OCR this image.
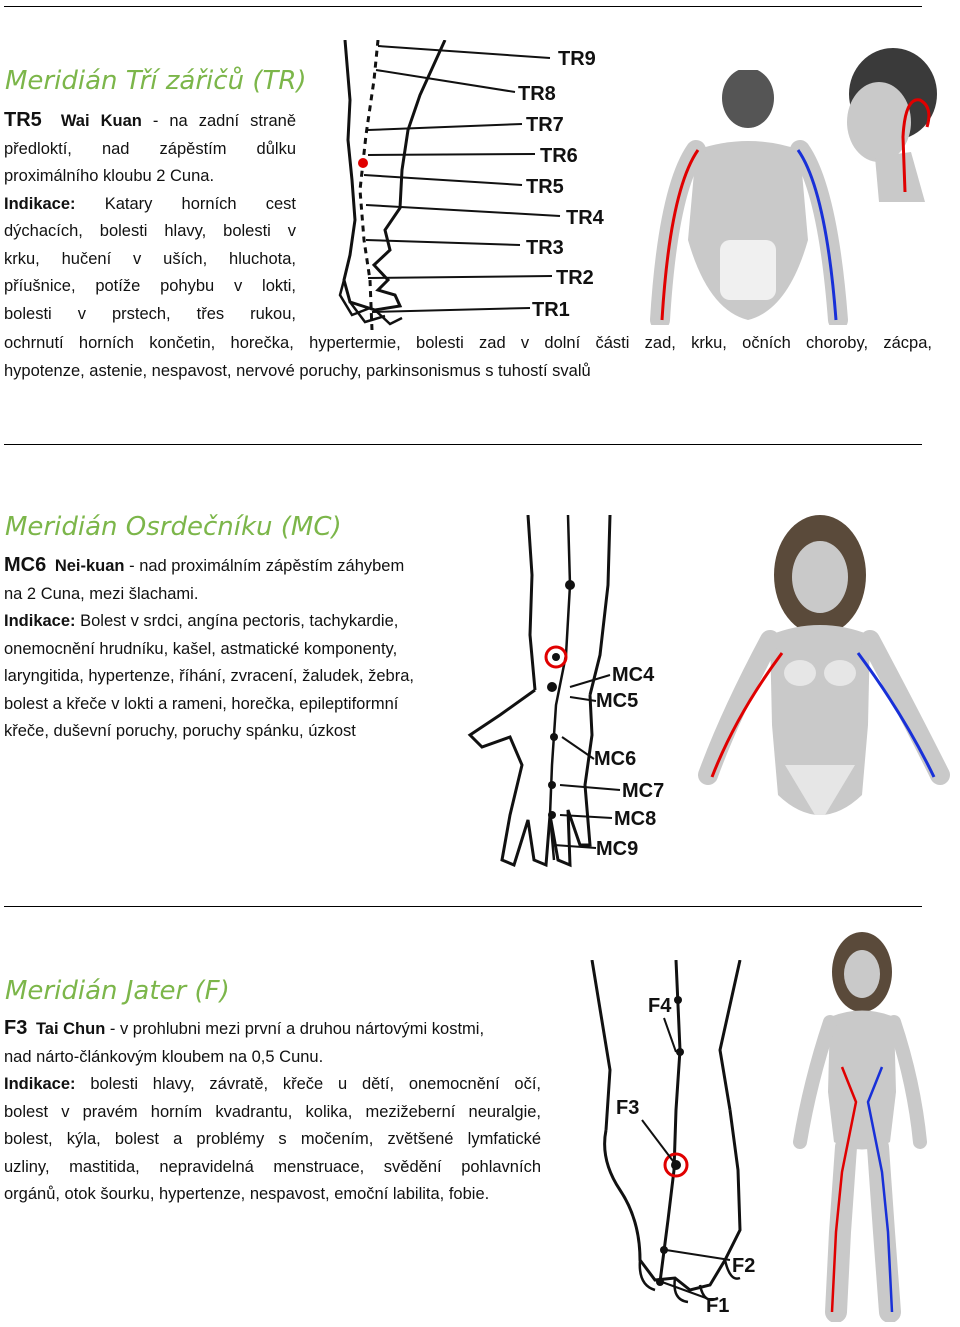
Meridián Tří zářičů (TR)
TR5 Wai Kuan - na zadní straně
předloktí, nad zápěstím důlku
proximálního kloubu 2 Cuna.
Indikace: Katary horních cest
dýchacích, bolesti hlavy, bolesti v
krku, hučení v uších, hluchota,
příušnice, potíže pohybu v lokti,
bolesti v prstech, třes rukou,
ochrnutí horních končetin, horečka, hypertermie, bolesti zad v dolní části zad, krku, očních choroby, zácpa,
hypotenze, astenie, nespavost, nervové poruchy, parkinsonismus s tuhostí svalů
TR9
TR8
TR7
TR6
TR5
TR4
TR3
TR2
TR1
Meridián Osrdečníku (MC)
MC6 Nei-kuan - nad proximálním zápěstím záhybem
na 2 Cuna, mezi šlachami.
Indikace: Bolest v srdci, angína pectoris, tachykardie,
onemocnění hrudníku, kašel, astmatické komponenty,
laryngitida, hypertenze, říhání, zvracení, žaludek, žebra,
bolest a křeče v lokti a rameni, horečka, epileptiformní
křeče, duševní poruchy, poruchy spánku, úzkost
MC4
MC5
MC6
MC7
MC8
MC9
Meridián Jater (F)
F3 Tai Chun - v prohlubni mezi první a druhou nártovými kostmi,
nad nárto-článkovým kloubem na 0,5 Cunu.
Indikace: bolesti hlavy, závratě, křeče u dětí, onemocnění očí,
bolest v pravém horním kvadrantu, kolika, mezižeberní neuralgie,
bolest, kýla, bolest a problémy s močením, zvětšené lymfatické
uzliny, mastitida, nepravidelná menstruace, svědění pohlavních
orgánů, otok šourku, hypertenze, nespavost, emoční labilita, fobie.
F4
F3
F2
F1
